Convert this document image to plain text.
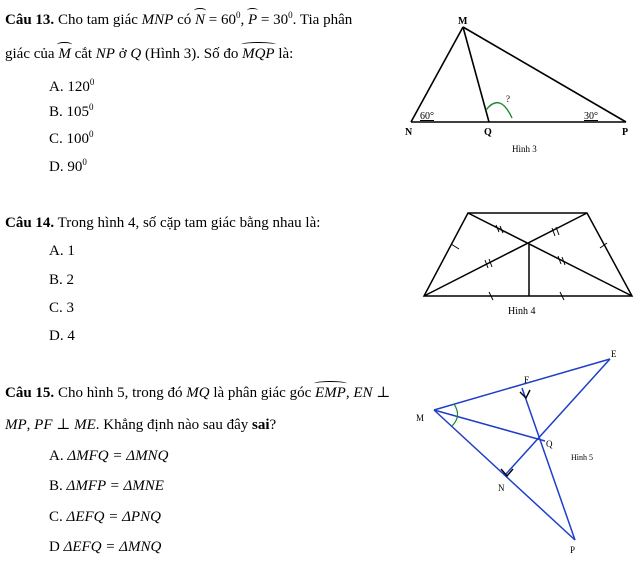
Câu 13. Cho tam giác MNP có $N = 60^0$, $P = 30^0$. Tia phân
giác của M cắt NP ở Q (Hình 3). Số đo MQP là:
A. $120^0$
B. $105^0$
C. $100^0$
D. $90^0$
M
N	Q	P
60°	30°
?
Hình 3
Câu 14. Trong hình 4, số cặp tam giác bằng nhau là:
A. 1
B. 2
C. 3
D. 4
Hình 4
Câu 15. Cho hình 5, trong đó MQ là phân giác góc EMP, EN ⊥
MP, PF ⊥ ME. Khẳng định nào sau đây sai?
A. ΔMFQ = ΔMNQ
B. ΔMFP = ΔMNE
C. ΔEFQ = ΔPNQ
D ΔEFQ = ΔMNQ
E
F
M
Q
N
P
Hình 5
